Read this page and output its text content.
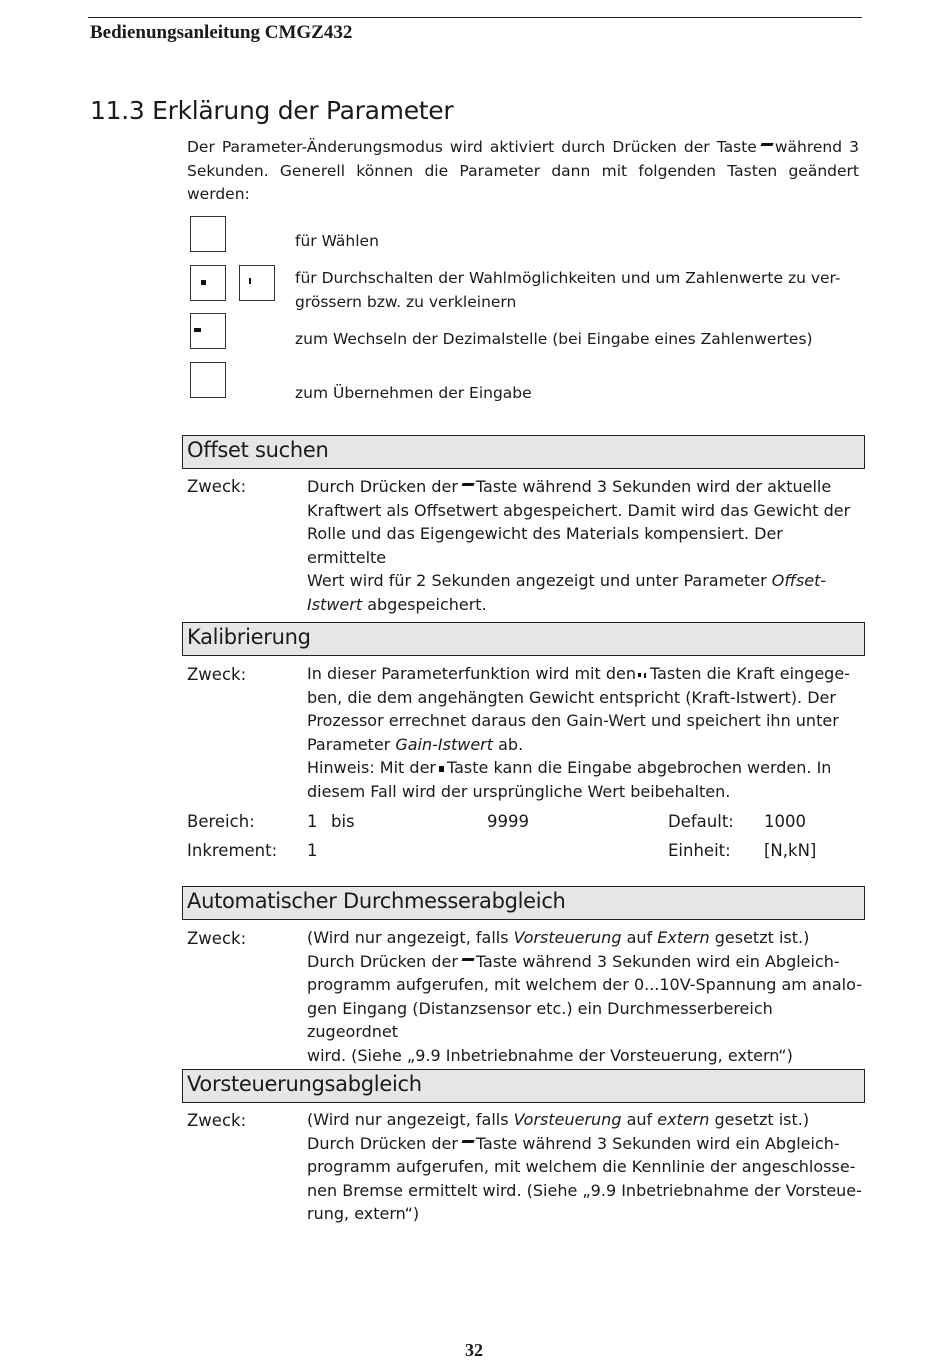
Bedienungsanleitung CMGZ432
11.3 Erklärung der Parameter
Der Parameter-Änderungsmodus wird aktiviert durch Drücken der Taste während 3 Sekunden. Generell können die Parameter dann mit folgenden Tasten geändert werden:
für Wählen
für Durchschalten der Wahlmöglichkeiten und um Zahlenwerte zu ver-
grössern bzw. zu verkleinern
zum Wechseln der Dezimalstelle (bei Eingabe eines Zahlenwertes)
zum Übernehmen der Eingabe
Offset suchen
Zweck:	Durch Drücken der Taste während 3 Sekunden wird der aktuelle
Kraftwert als Offsetwert abgespeichert. Damit wird das Gewicht der
Rolle und das Eigengewicht des Materials kompensiert. Der ermittelte
Wert wird für 2 Sekunden angezeigt und unter Parameter Offset-
Istwert abgespeichert.
Kalibrierung
Zweck:	In dieser Parameterfunktion wird mit den Tasten die Kraft eingege-
ben, die dem angehängten Gewicht entspricht (Kraft-Istwert). Der
Prozessor errechnet daraus den Gain-Wert und speichert ihn unter
Parameter Gain-Istwert ab.
Hinweis: Mit der Taste kann die Eingabe abgebrochen werden. In
diesem Fall wird der ursprüngliche Wert beibehalten.
Bereich:	1 bis	9999	Default: 1000
Inkrement: 1	Einheit: [N,kN]
Automatischer Durchmesserabgleich
Zweck:	(Wird nur angezeigt, falls Vorsteuerung auf Extern gesetzt ist.)
Durch Drücken der Taste während 3 Sekunden wird ein Abgleich-
programm aufgerufen, mit welchem der 0...10V-Spannung am analo-
gen Eingang (Distanzsensor etc.) ein Durchmesserbereich zugeordnet
wird. (Siehe „9.9 Inbetriebnahme der Vorsteuerung, extern“)
Vorsteuerungsabgleich
Zweck:	(Wird nur angezeigt, falls Vorsteuerung auf extern gesetzt ist.)
Durch Drücken der Taste während 3 Sekunden wird ein Abgleich-
programm aufgerufen, mit welchem die Kennlinie der angeschlosse-
nen Bremse ermittelt wird. (Siehe „9.9 Inbetriebnahme der Vorsteue-
rung, extern“)
32
